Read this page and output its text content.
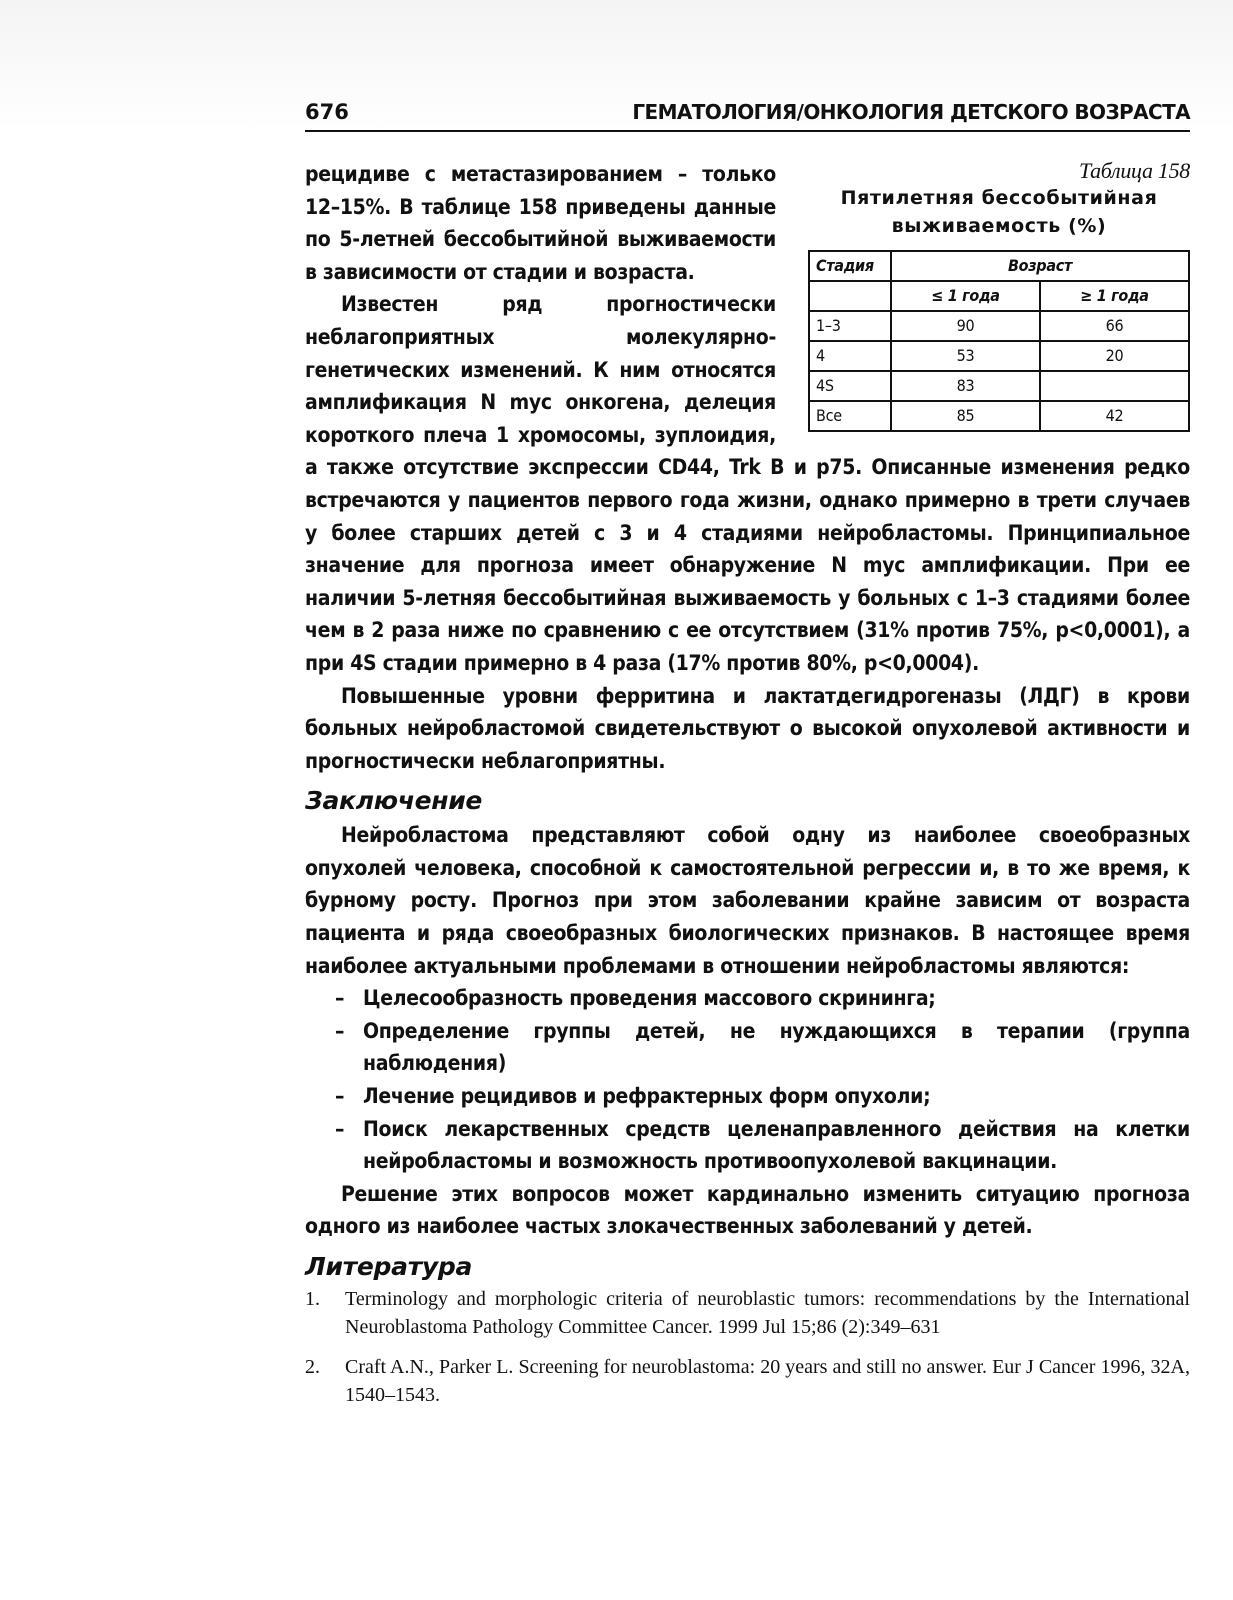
676	ГЕМАТОЛОГИЯ/ОНКОЛОГИЯ ДЕТСКОГО ВОЗРАСТА
Таблица 158
Пятилетняя бессобытийная выживаемость (%)
Стадия	Возраст	
	≤ 1 года	≥ 1 года
1–3	90	66
4	53	20
4S	83	
Все	85	42

рецидиве с метастазированием – только 12–15%. В таблице 158 приведены данные по 5-летней бессобытийной выживаемости в зависимости от стадии и возраста.

Известен ряд прогностически неблагоприятных молекулярно-генетических изменений. К ним относятся амплификация N myc онкогена, делеция короткого плеча 1 хромосомы, зуплоидия, а также отсутствие экспрессии CD44, Trk B и p75. Описанные изменения редко встречаются у пациентов первого года жизни, однако примерно в трети случаев у более старших детей с 3 и 4 стадиями нейробластомы. Принципиальное значение для прогноза имеет обнаружение N myc амплификации. При ее наличии 5-летняя бессобытийная выживаемость у больных с 1–3 стадиями более чем в 2 раза ниже по сравнению с ее отсутствием (31% против 75%, p<0,0001), а при 4S стадии примерно в 4 раза (17% против 80%, p<0,0004).

Повышенные уровни ферритина и лактатдегидрогеназы (ЛДГ) в крови больных нейробластомой свидетельствуют о высокой опухолевой активности и прогностически неблагоприятны.

Заключение

Нейробластома представляют собой одну из наиболее своеобразных опухолей человека, способной к самостоятельной регрессии и, в то же время, к бурному росту. Прогноз при этом заболевании крайне зависим от возраста пациента и ряда своеобразных биологических признаков. В настоящее время наиболее актуальными проблемами в отношении нейробластомы являются:

– Целесообразность проведения массового скрининга;
– Определение группы детей, не нуждающихся в терапии (группа наблюдения)
– Лечение рецидивов и рефрактерных форм опухоли;
– Поиск лекарственных средств целенаправленного действия на клетки нейробластомы и возможность противоопухолевой вакцинации.

Решение этих вопросов может кардинально изменить ситуацию прогноза одного из наиболее частых злокачественных заболеваний у детей.

Литература
1. Terminology and morphologic criteria of neuroblastic tumors: recommendations by the International Neuroblastoma Pathology Committee Cancer. 1999 Jul 15;86 (2):349–631
2. Craft A.N., Parker L. Screening for neuroblastoma: 20 years and still no answer. Eur J Cancer 1996, 32A, 1540–1543.
